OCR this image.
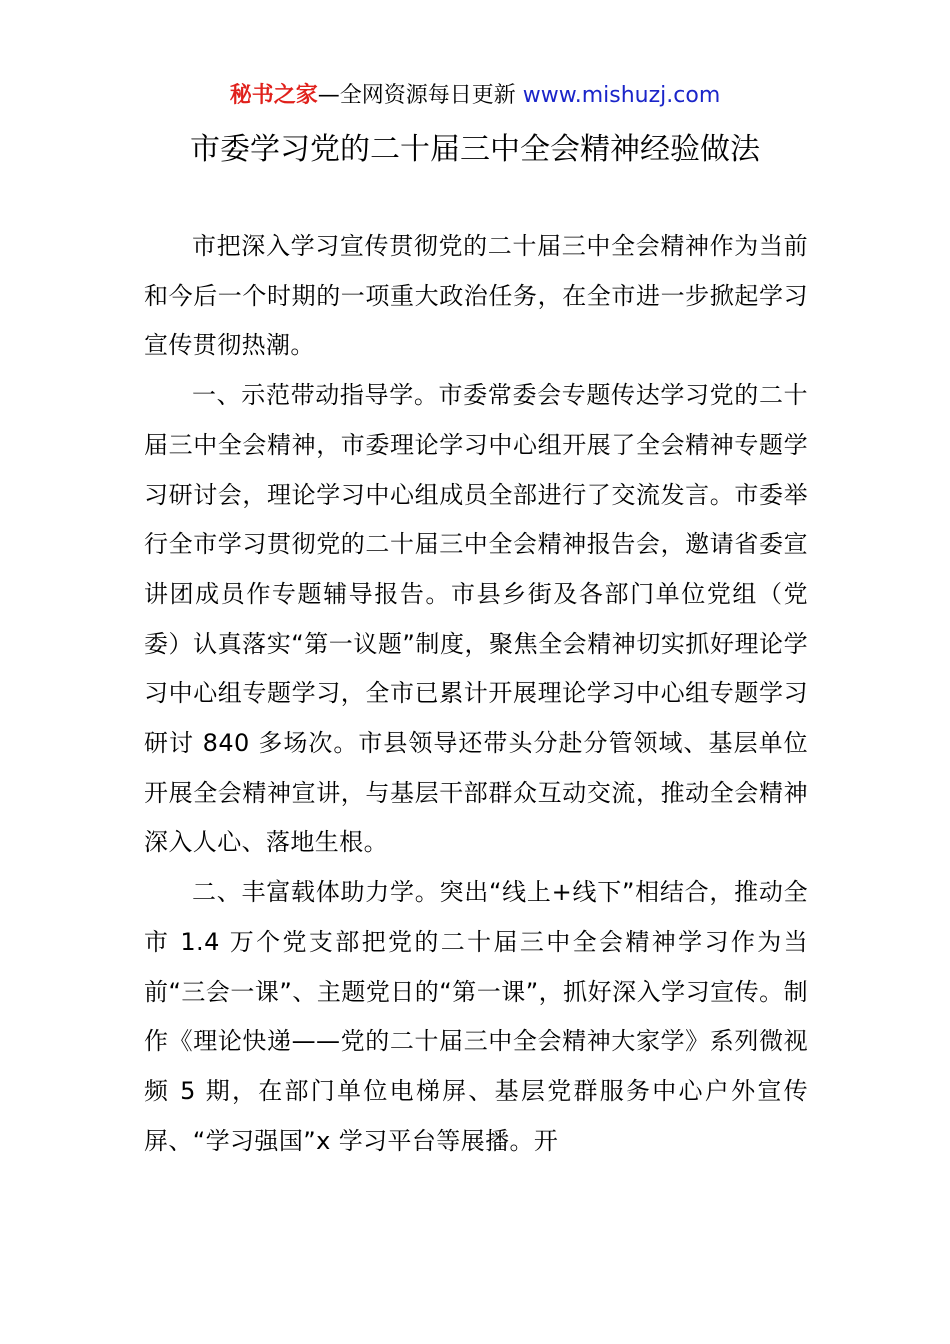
秘书之家—全网资源每日更新 www.mishuzj.com
市委学习党的二十届三中全会精神经验做法

市把深入学习宣传贯彻党的二十届三中全会精神作为当前和今后一个时期的一项重大政治任务，在全市进一步掀起学习宣传贯彻热潮。

一、示范带动指导学。市委常委会专题传达学习党的二十届三中全会精神，市委理论学习中心组开展了全会精神专题学习研讨会，理论学习中心组成员全部进行了交流发言。市委举行全市学习贯彻党的二十届三中全会精神报告会，邀请省委宣讲团成员作专题辅导报告。市县乡街及各部门单位党组（党委）认真落实“第一议题”制度，聚焦全会精神切实抓好理论学习中心组专题学习，全市已累计开展理论学习中心组专题学习研讨 840 多场次。市县领导还带头分赴分管领域、基层单位开展全会精神宣讲，与基层干部群众互动交流，推动全会精神深入人心、落地生根。

二、丰富载体助力学。突出“线上+线下”相结合，推动全市 1.4 万个党支部把党的二十届三中全会精神学习作为当前“三会一课”、主题党日的“第一课”，抓好深入学习宣传。制作《理论快递——党的二十届三中全会精神大家学》系列微视频 5 期，在部门单位电梯屏、基层党群服务中心户外宣传屏、“学习强国”x 学习平台等展播。开
